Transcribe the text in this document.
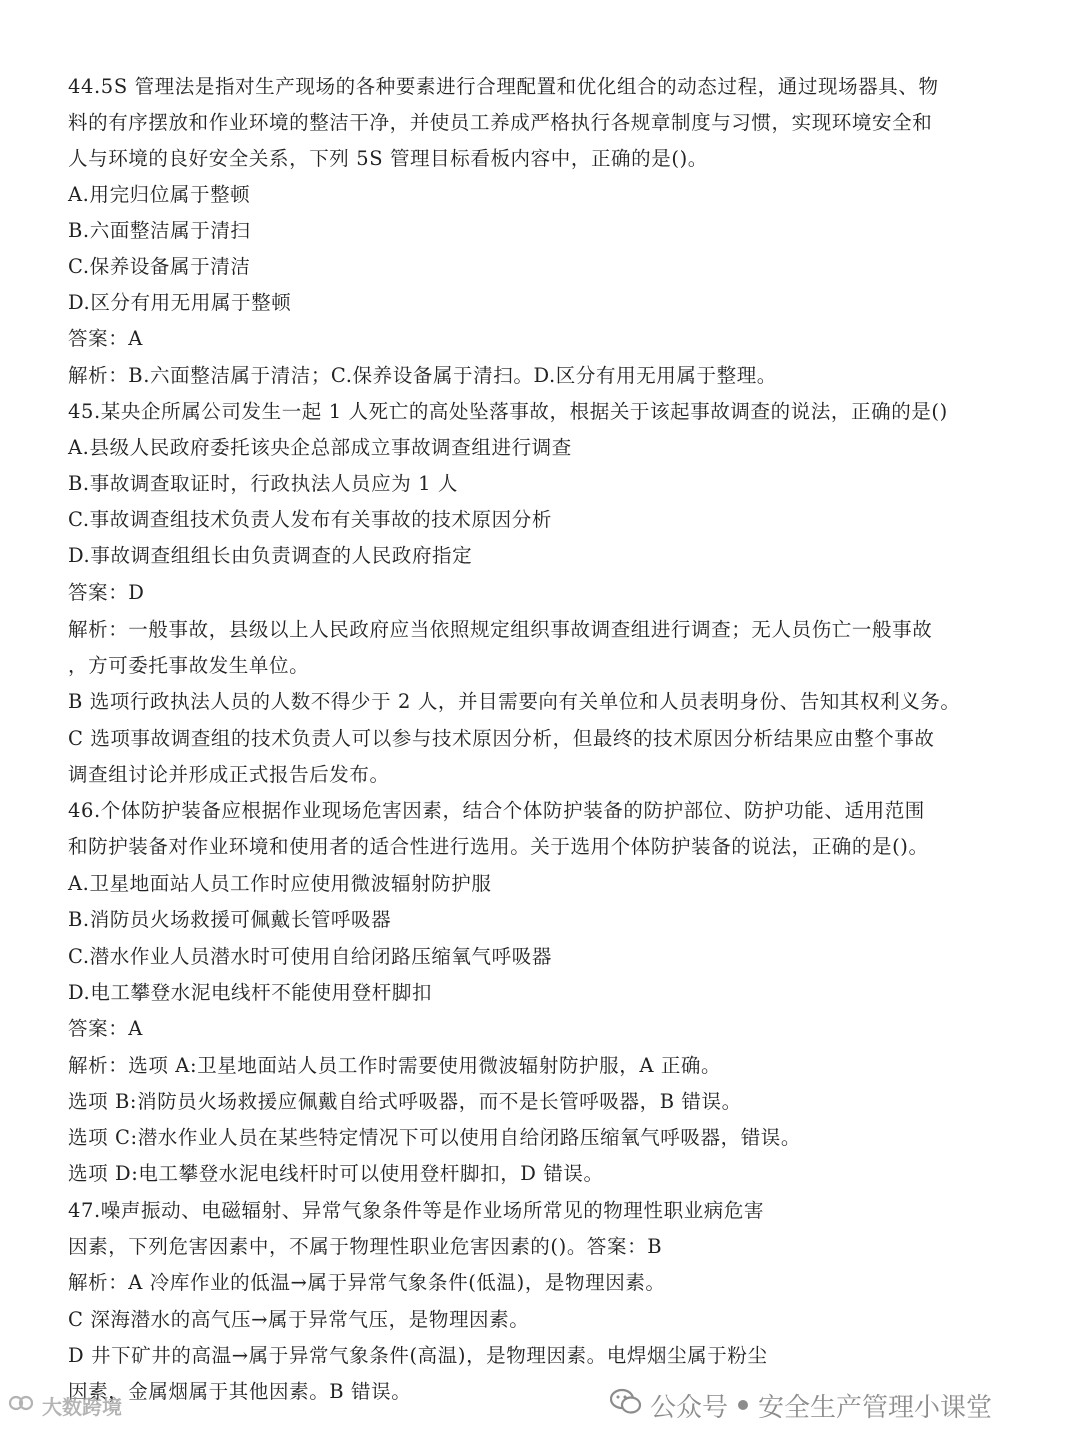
44.5S 管理法是指对生产现场的各种要素进行合理配置和优化组合的动态过程，通过现场器具、物
料的有序摆放和作业环境的整洁干净，并使员工养成严格执行各规章制度与习惯，实现环境安全和
人与环境的良好安全关系，下列 5S 管理目标看板内容中，正确的是()。
A.用完归位属于整顿
B.六面整洁属于清扫
C.保养设备属于清洁
D.区分有用无用属于整顿
答案：A
解析：B.六面整洁属于清洁；C.保养设备属于清扫。D.区分有用无用属于整理。
45.某央企所属公司发生一起 1 人死亡的高处坠落事故，根据关于该起事故调查的说法，正确的是()
A.县级人民政府委托该央企总部成立事故调查组进行调查
B.事故调查取证时，行政执法人员应为 1 人
C.事故调查组技术负责人发布有关事故的技术原因分析
D.事故调查组组长由负责调查的人民政府指定
答案：D
解析：一般事故，县级以上人民政府应当依照规定组织事故调查组进行调查；无人员伤亡一般事故
，方可委托事故发生单位。
B 选项行政执法人员的人数不得少于 2 人，并目需要向有关单位和人员表明身份、告知其权利义务。
C 选项事故调查组的技术负责人可以参与技术原因分析，但最终的技术原因分析结果应由整个事故
调查组讨论并形成正式报告后发布。
46.个体防护装备应根据作业现场危害因素，结合个体防护装备的防护部位、防护功能、适用范围
和防护装备对作业环境和使用者的适合性进行选用。关于选用个体防护装备的说法，正确的是()。
A.卫星地面站人员工作时应使用微波辐射防护服
B.消防员火场救援可佩戴长管呼吸器
C.潜水作业人员潜水时可使用自给闭路压缩氧气呼吸器
D.电工攀登水泥电线杆不能使用登杆脚扣
答案：A
解析：选项 A:卫星地面站人员工作时需要使用微波辐射防护服，A 正确。
选项 B:消防员火场救援应佩戴自给式呼吸器，而不是长管呼吸器，B 错误。
选项 C:潜水作业人员在某些特定情况下可以使用自给闭路压缩氧气呼吸器，错误。
选项 D:电工攀登水泥电线杆时可以使用登杆脚扣，D 错误。
47.噪声振动、电磁辐射、异常气象条件等是作业场所常见的物理性职业病危害
因素，下列危害因素中，不属于物理性职业危害因素的()。答案：B
解析：A 冷库作业的低温→属于异常气象条件(低温)，是物理因素。
C 深海潜水的高气压→属于异常气压，是物理因素。
D 井下矿井的高温→属于异常气象条件(高温)，是物理因素。电焊烟尘属于粉尘
因素，金属烟属于其他因素。B 错误。
大数跨境	公众号 安全生产管理小课堂
